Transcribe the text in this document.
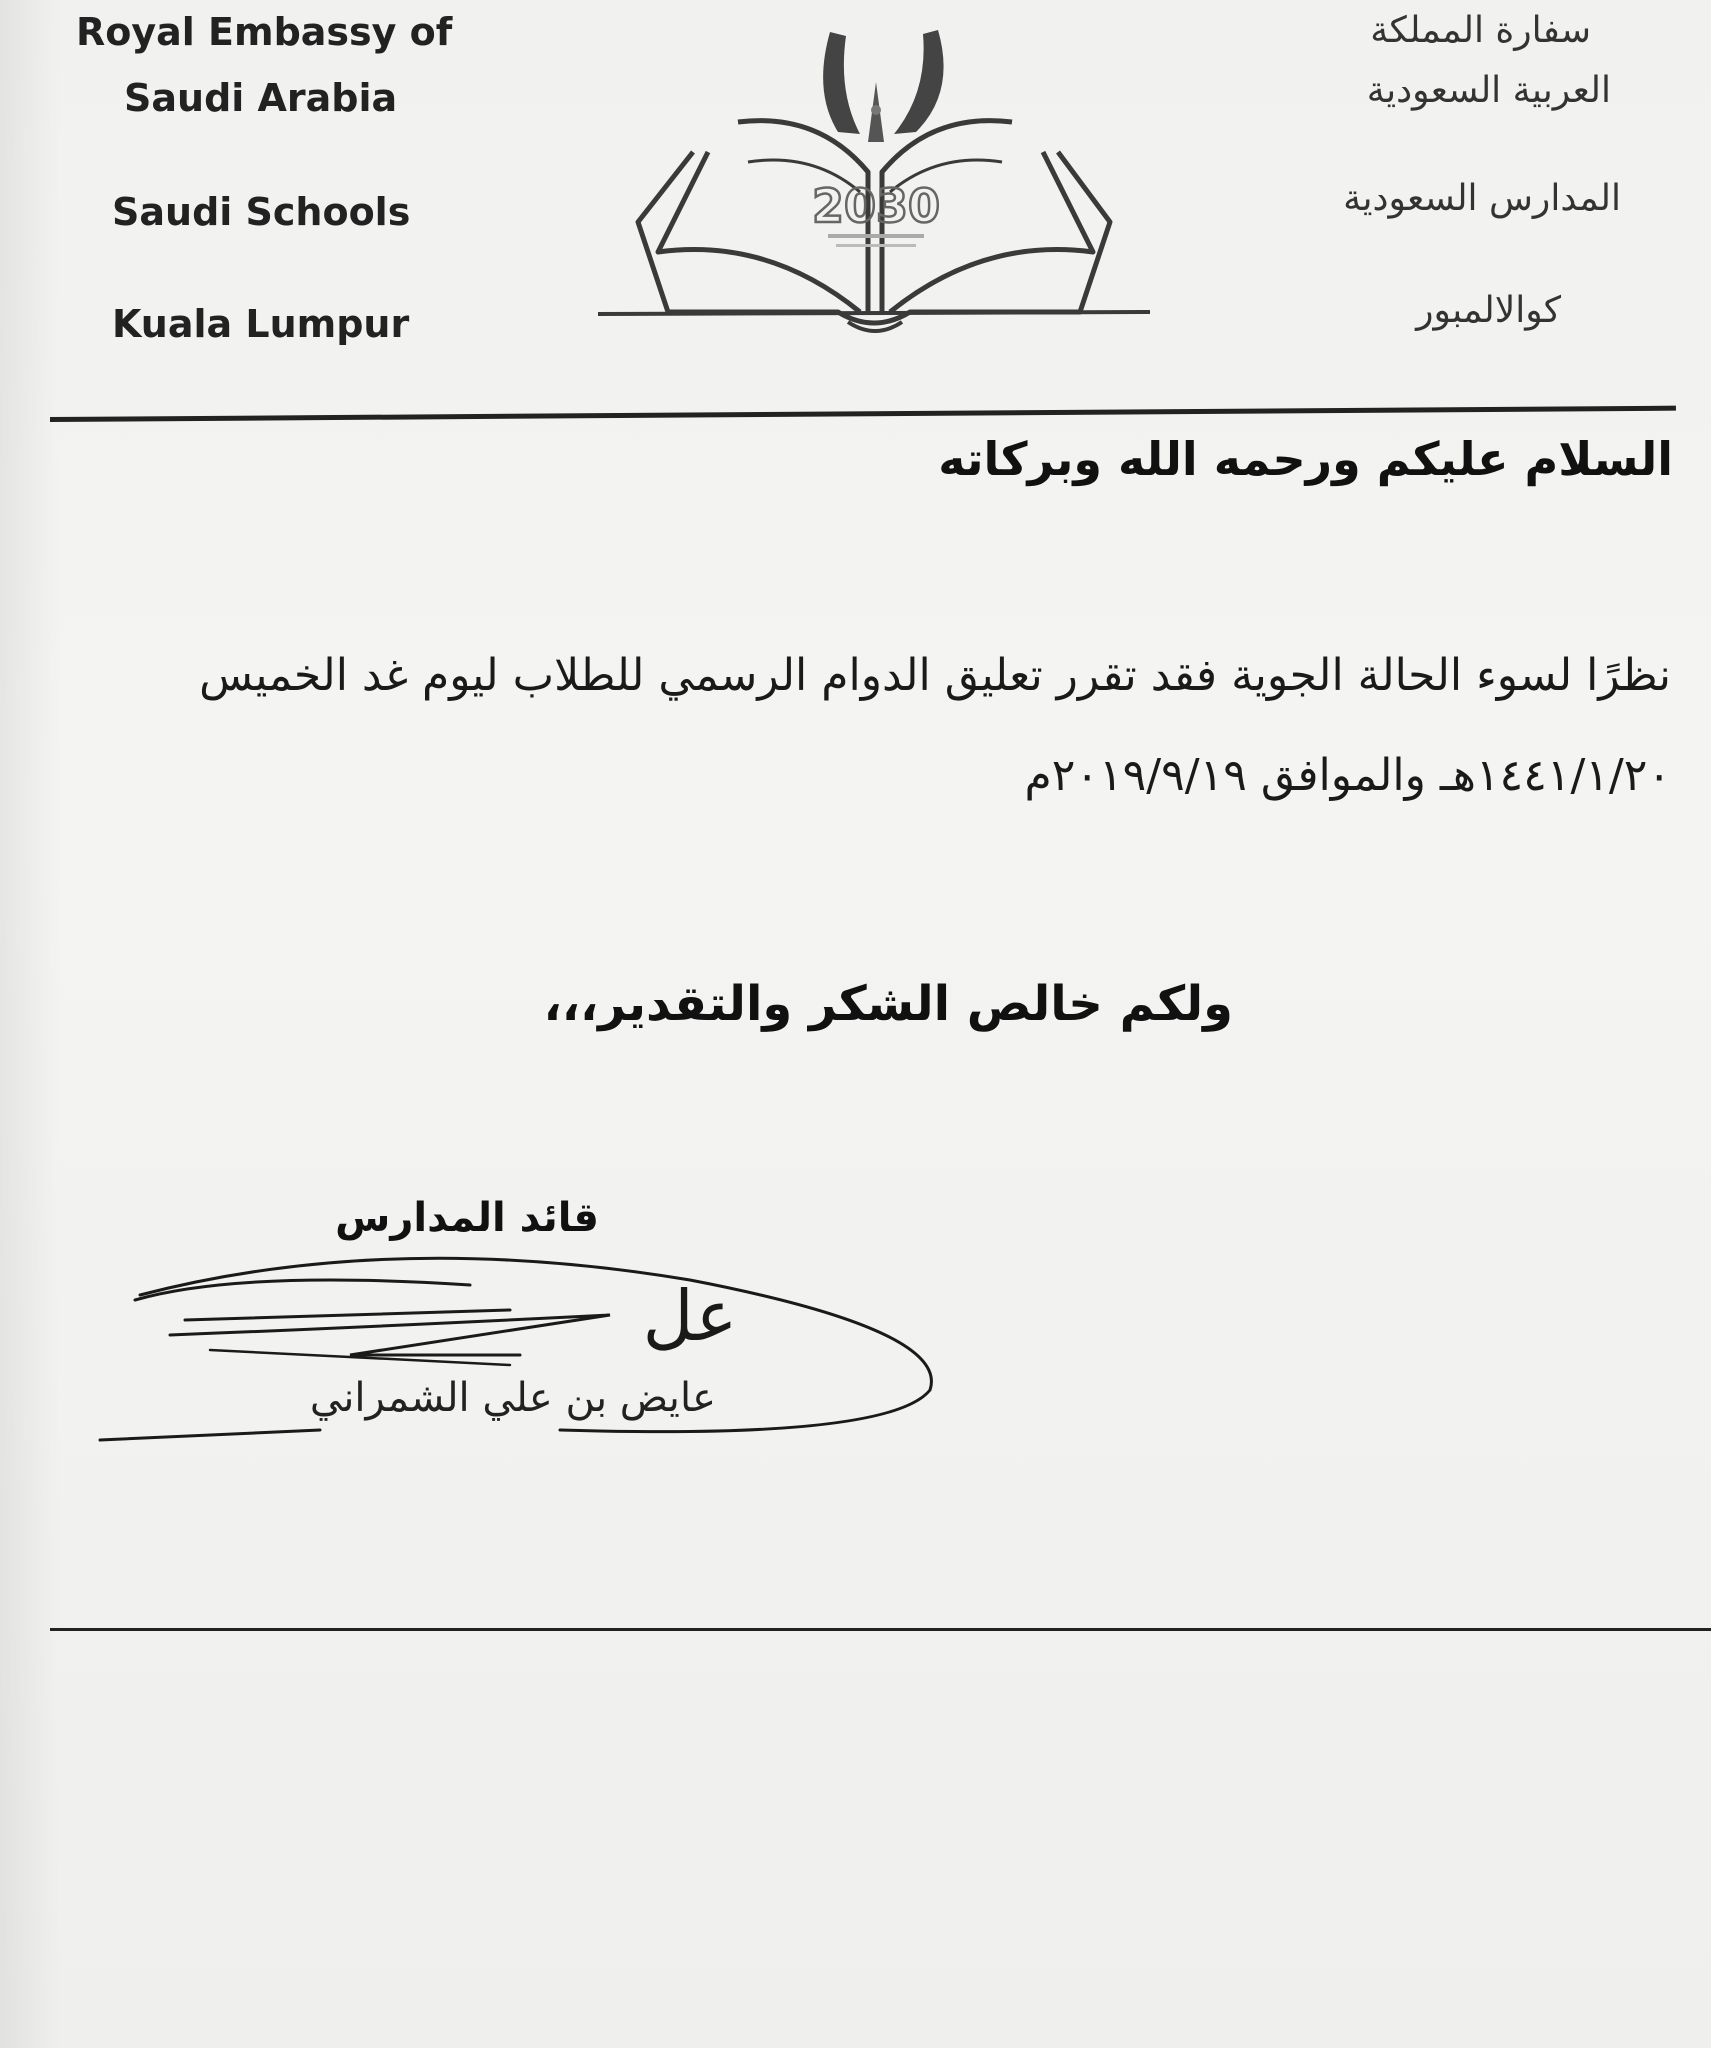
Royal Embassy of
Saudi Arabia
Saudi Schools
Kuala Lumpur
2030
سفارة المملكة
العربية السعودية
المدارس السعودية
كوالالمبور
السلام عليكم ورحمه الله وبركاته
نظرًا لسوء الحالة الجوية فقد تقرر تعليق الدوام الرسمي للطلاب ليوم غد الخميس ١٤٤١/١/٢٠هـ والموافق ٢٠١٩/٩/١٩م
ولكم خالص الشكر والتقدير،،،
قائد المدارس
عل
عايض بن علي الشمراني
